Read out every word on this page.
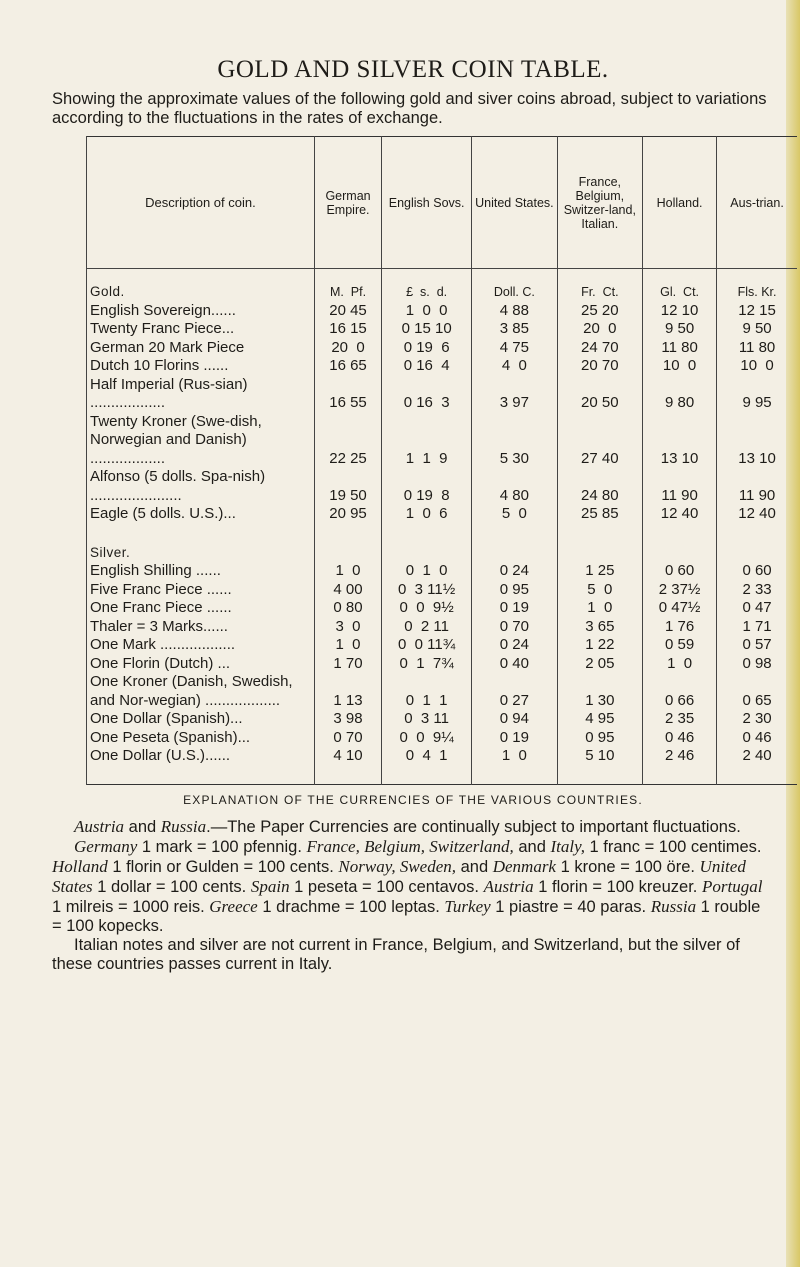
GOLD AND SILVER COIN TABLE.

Showing the approximate values of the following gold and siver coins abroad, subject to variations according to the fluctuations in the rates of exchange.

Description of coin.	German Empire.	English Sovs.	United States.	France, Belgium, Switzer-land, Italian.	Holland.	Aus-trian.
Gold.	M.  Pf.	£  s.  d.	Doll. C.	Fr.  Ct.	Gl.  Ct.	Fls. Kr.
English Sovereign......	20 45	1  0  0	4 88	25 20	12 10	12 15
Twenty Franc Piece...	16 15	0 15 10	3 85	20  0	9 50	9 50
German 20 Mark Piece	20  0	0 19  6	4 75	24 70	11 80	11 80
Dutch 10 Florins ......	16 65	0 16  4	4  0	20 70	10  0	10  0
Half Imperial (Rus-sian) ..................	16 55	0 16  3	3 97	20 50	9 80	9 95
Twenty Kroner (Swe-dish, Norwegian and Danish) ..................	22 25	1  1  9	5 30	27 40	13 10	13 10
Alfonso (5 dolls. Spa-nish) ......................	19 50	0 19  8	4 80	24 80	11 90	11 90
Eagle (5 dolls. U.S.)...	20 95	1  0  6	5  0	25 85	12 40	12 40
Silver.						
English Shilling ......	1  0	0  1  0	0 24	1 25	0 60	0 60
Five Franc Piece ......	4 00	0  3 11½	0 95	5  0	2 37½	2 33
One Franc Piece ......	0 80	0  0  9½	0 19	1  0	0 47½	0 47
Thaler = 3 Marks......	3  0	0  2 11	0 70	3 65	1 76	1 71
One Mark ..................	1  0	0  0 11¾	0 24	1 22	0 59	0 57
One Florin (Dutch) ...	1 70	0  1  7¾	0 40	2 05	1  0	0 98
One Kroner (Danish, Swedish, and Nor-wegian) ..................	1 13	0  1  1	0 27	1 30	0 66	0 65
One Dollar (Spanish)...	3 98	0  3 11	0 94	4 95	2 35	2 30
One Peseta (Spanish)...	0 70	0  0  9¼	0 19	0 95	0 46	0 46
One Dollar (U.S.)......	4 10	0  4  1	1  0	5 10	2 46	2 40

EXPLANATION OF THE CURRENCIES OF THE VARIOUS COUNTRIES.

Austria and Russia.—The Paper Currencies are continually subject to important fluctuations.

Germany 1 mark = 100 pfennig. France, Belgium, Switzerland, and Italy, 1 franc = 100 centimes. Holland 1 florin or Gulden = 100 cents. Norway, Sweden, and Denmark 1 krone = 100 öre. United States 1 dollar = 100 cents. Spain 1 peseta = 100 centavos. Austria 1 florin = 100 kreuzer. Portugal 1 milreis = 1000 reis. Greece 1 drachme = 100 leptas. Turkey 1 piastre = 40 paras. Russia 1 rouble = 100 kopecks.

Italian notes and silver are not current in France, Belgium, and Switzerland, but the silver of these countries passes current in Italy.
